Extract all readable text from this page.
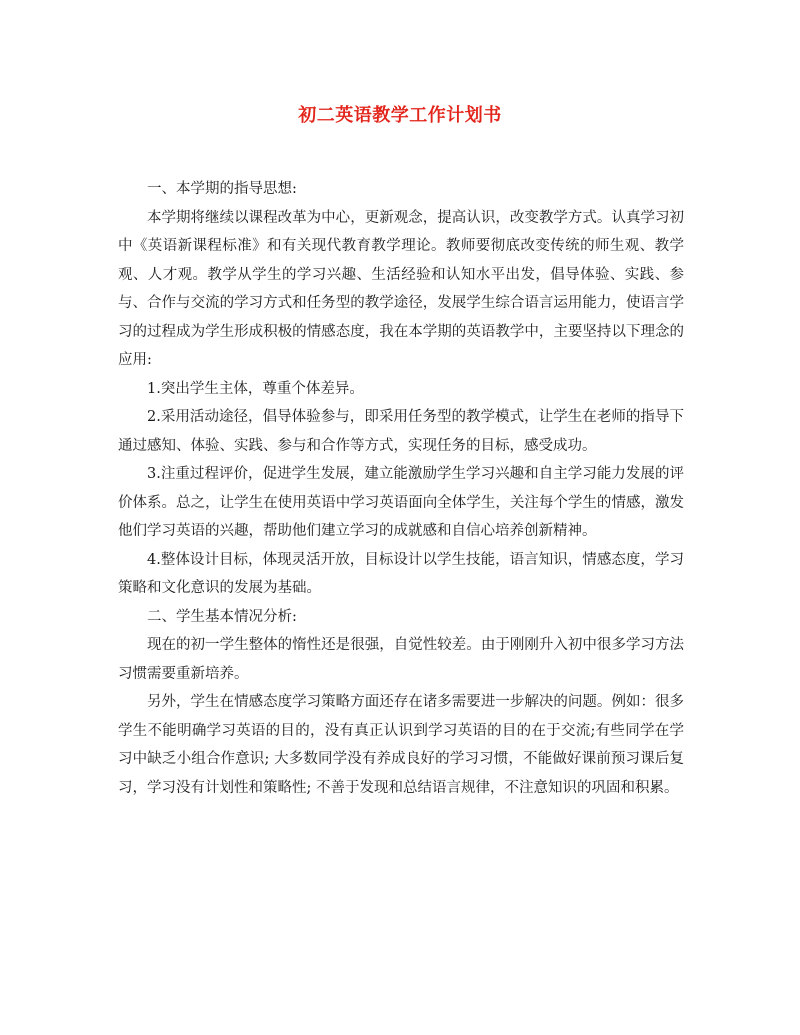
初二英语教学工作计划书

一、本学期的指导思想:

本学期将继续以课程改革为中心，更新观念，提高认识，改变教学方式。认真学习初中《英语新课程标准》和有关现代教育教学理论。教师要彻底改变传统的师生观、教学观、人才观。教学从学生的学习兴趣、生活经验和认知水平出发，倡导体验、实践、参与、合作与交流的学习方式和任务型的教学途径，发展学生综合语言运用能力，使语言学习的过程成为学生形成积极的情感态度，我在本学期的英语教学中，主要坚持以下理念的应用:

1.突出学生主体，尊重个体差异。

2.采用活动途径，倡导体验参与，即采用任务型的教学模式，让学生在老师的指导下通过感知、体验、实践、参与和合作等方式，实现任务的目标，感受成功。

3.注重过程评价，促进学生发展，建立能激励学生学习兴趣和自主学习能力发展的评价体系。总之，让学生在使用英语中学习英语面向全体学生，关注每个学生的情感，激发他们学习英语的兴趣，帮助他们建立学习的成就感和自信心培养创新精神。

4.整体设计目标，体现灵活开放，目标设计以学生技能，语言知识，情感态度，学习策略和文化意识的发展为基础。

二、学生基本情况分析:

现在的初一学生整体的惰性还是很强，自觉性较差。由于刚刚升入初中很多学习方法习惯需要重新培养。

另外，学生在情感态度学习策略方面还存在诸多需要进一步解决的问题。例如：很多学生不能明确学习英语的目的，没有真正认识到学习英语的目的在于交流;有些同学在学习中缺乏小组合作意识; 大多数同学没有养成良好的学习习惯，不能做好课前预习课后复习，学习没有计划性和策略性; 不善于发现和总结语言规律，不注意知识的巩固和积累。
